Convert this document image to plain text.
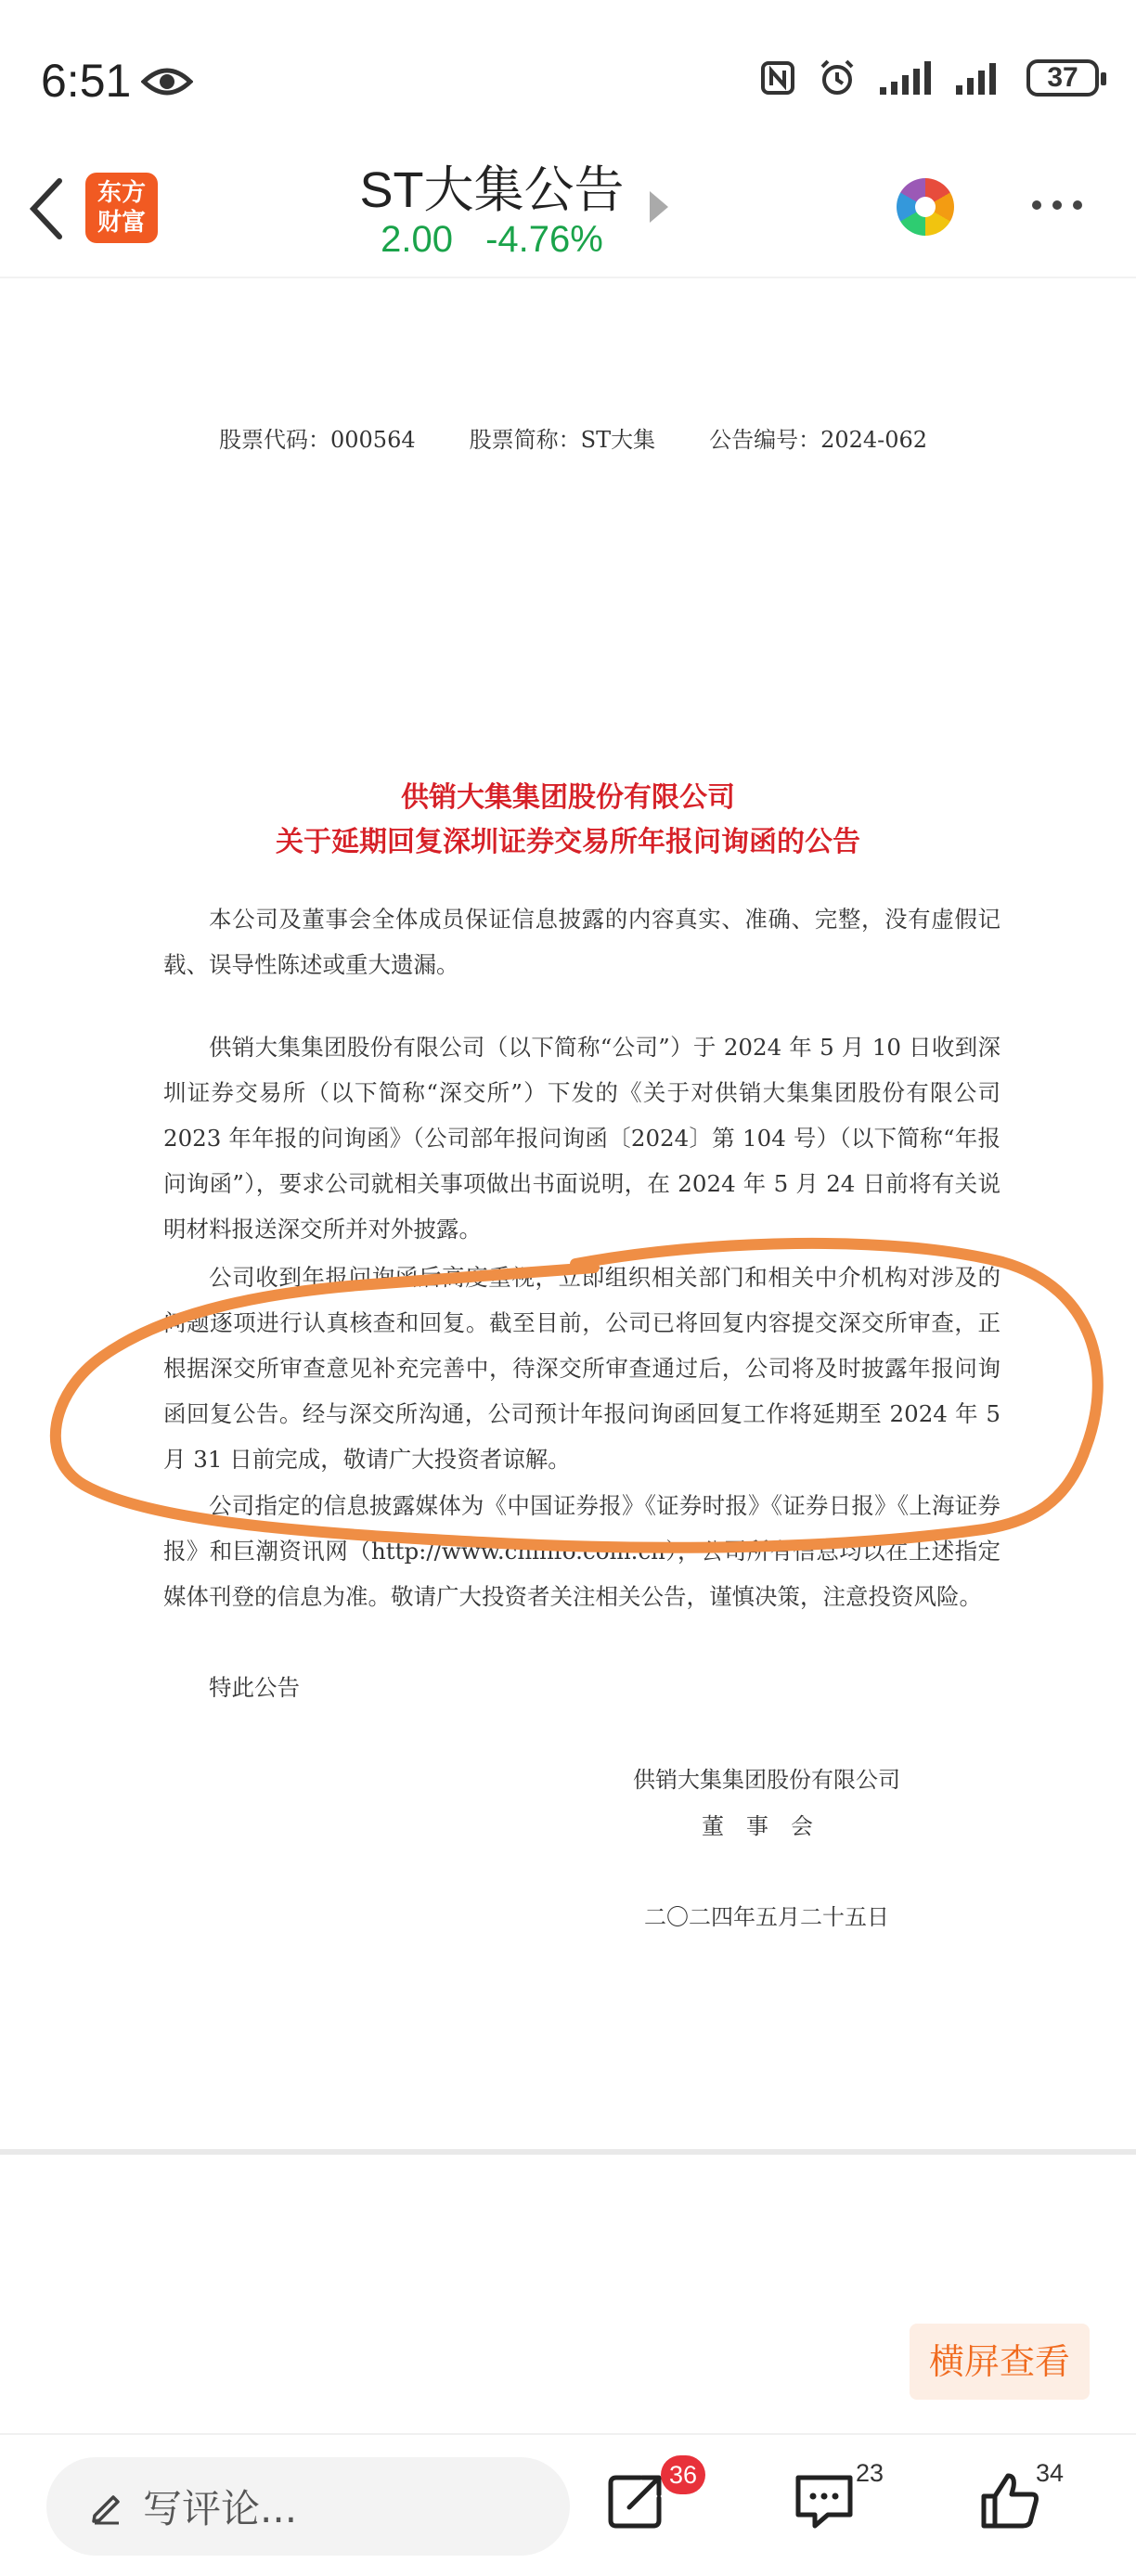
6:51	37
东方
财富
ST大集公告
2.00 -4.76%
股票代码：000564 股票简称：ST大集 公告编号：2024-062
供销大集集团股份有限公司
关于延期回复深圳证券交易所年报问询函的公告
本公司及董事会全体成员保证信息披露的内容真实、准确、完整，没有虚假记载、误导性陈述或重大遗漏。
供销大集集团股份有限公司（以下简称“公司”）于 2024 年 5 月 10 日收到深圳证券交易所（以下简称“深交所”）下发的《关于对供销大集集团股份有限公司 2023 年年报的问询函》（公司部年报问询函〔2024〕第 104 号）（以下简称“年报问询函”），要求公司就相关事项做出书面说明，在 2024 年 5 月 24 日前将有关说明材料报送深交所并对外披露。
公司收到年报问询函后高度重视，立即组织相关部门和相关中介机构对涉及的问题逐项进行认真核查和回复。截至目前，公司已将回复内容提交深交所审查，正根据深交所审查意见补充完善中，待深交所审查通过后，公司将及时披露年报问询函回复公告。经与深交所沟通，公司预计年报问询函回复工作将延期至 2024 年 5 月 31 日前完成，敬请广大投资者谅解。
公司指定的信息披露媒体为《中国证券报》《证券时报》《证券日报》《上海证券报》和巨潮资讯网（http://www.cninfo.com.cn），公司所有信息均以在上述指定媒体刊登的信息为准。敬请广大投资者关注相关公告，谨慎决策，注意投资风险。
特此公告
供销大集集团股份有限公司
董　事　会
二〇二四年五月二十五日
横屏查看
写评论...
36	23	34
